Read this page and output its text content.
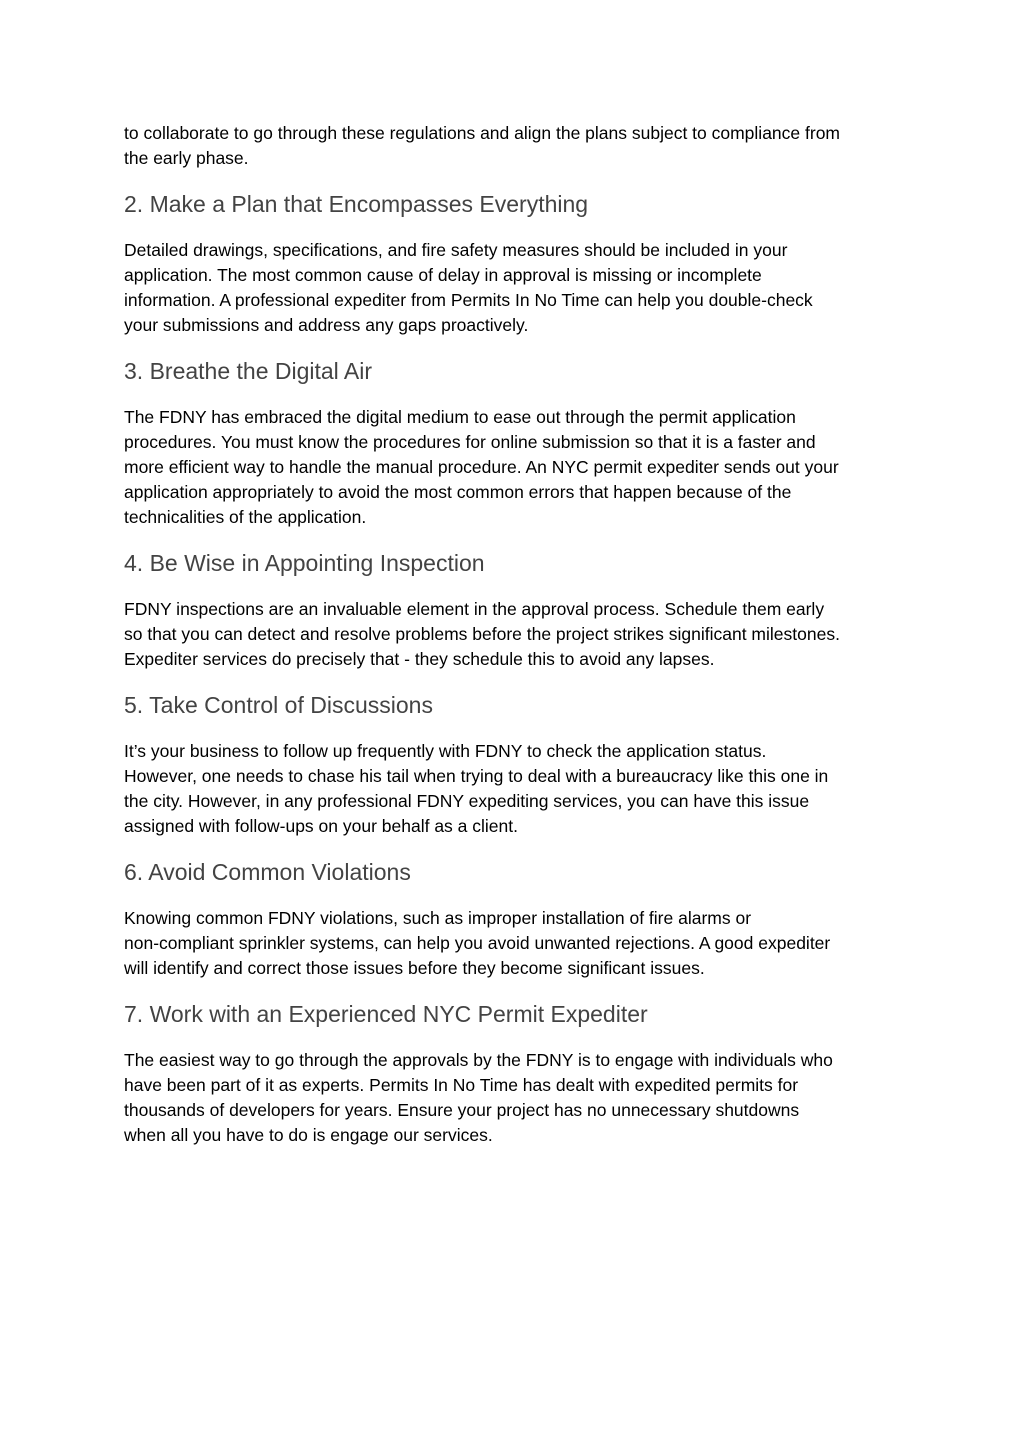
to collaborate to go through these regulations and align the plans subject to compliance from
the early phase.

2. Make a Plan that Encompasses Everything

Detailed drawings, specifications, and fire safety measures should be included in your
application. The most common cause of delay in approval is missing or incomplete
information. A professional expediter from Permits In No Time can help you double-check
your submissions and address any gaps proactively.

3. Breathe the Digital Air

The FDNY has embraced the digital medium to ease out through the permit application
procedures. You must know the procedures for online submission so that it is a faster and
more efficient way to handle the manual procedure. An NYC permit expediter sends out your
application appropriately to avoid the most common errors that happen because of the
technicalities of the application.

4. Be Wise in Appointing Inspection

FDNY inspections are an invaluable element in the approval process. Schedule them early
so that you can detect and resolve problems before the project strikes significant milestones.
Expediter services do precisely that - they schedule this to avoid any lapses.

5. Take Control of Discussions

It’s your business to follow up frequently with FDNY to check the application status.
However, one needs to chase his tail when trying to deal with a bureaucracy like this one in
the city. However, in any professional FDNY expediting services, you can have this issue
assigned with follow-ups on your behalf as a client.

6. Avoid Common Violations

Knowing common FDNY violations, such as improper installation of fire alarms or
non-compliant sprinkler systems, can help you avoid unwanted rejections. A good expediter
will identify and correct those issues before they become significant issues.

7. Work with an Experienced NYC Permit Expediter

The easiest way to go through the approvals by the FDNY is to engage with individuals who
have been part of it as experts. Permits In No Time has dealt with expedited permits for
thousands of developers for years. Ensure your project has no unnecessary shutdowns
when all you have to do is engage our services.
